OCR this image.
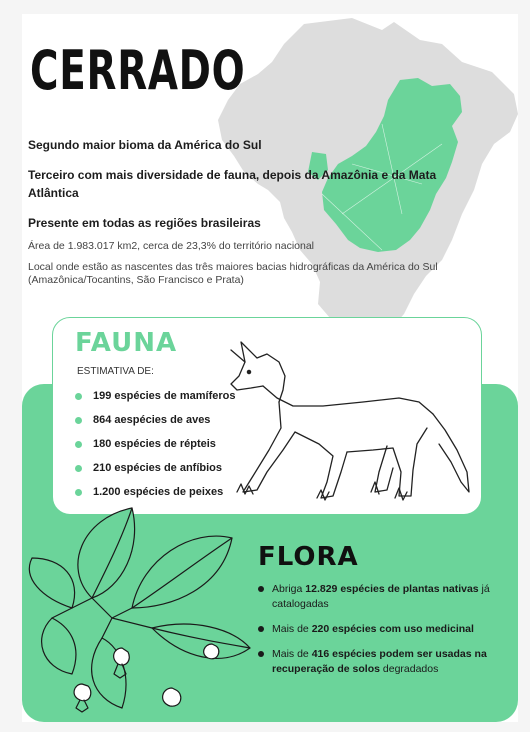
CERRADO
Segundo maior bioma da América do Sul
Terceiro com mais diversidade de fauna, depois da Amazônia e da Mata Atlântica
Presente em todas as regiões brasileiras
Área de 1.983.017 km2, cerca de 23,3% do território nacional
Local onde estão as nascentes das três maiores bacias hidrográficas da América do Sul (Amazônica/Tocantins, São Francisco e Prata)
FAUNA
ESTIMATIVA DE:
199 espécies de mamíferos
864 aespécies de aves
180 espécies de répteis
210 espécies de anfíbios
1.200 espécies de peixes
FLORA
Abriga 12.829 espécies de plantas nativas já catalogadas
Mais de 220 espécies com uso medicinal
Mais de 416 espécies podem ser usadas na recuperação de solos degradados
